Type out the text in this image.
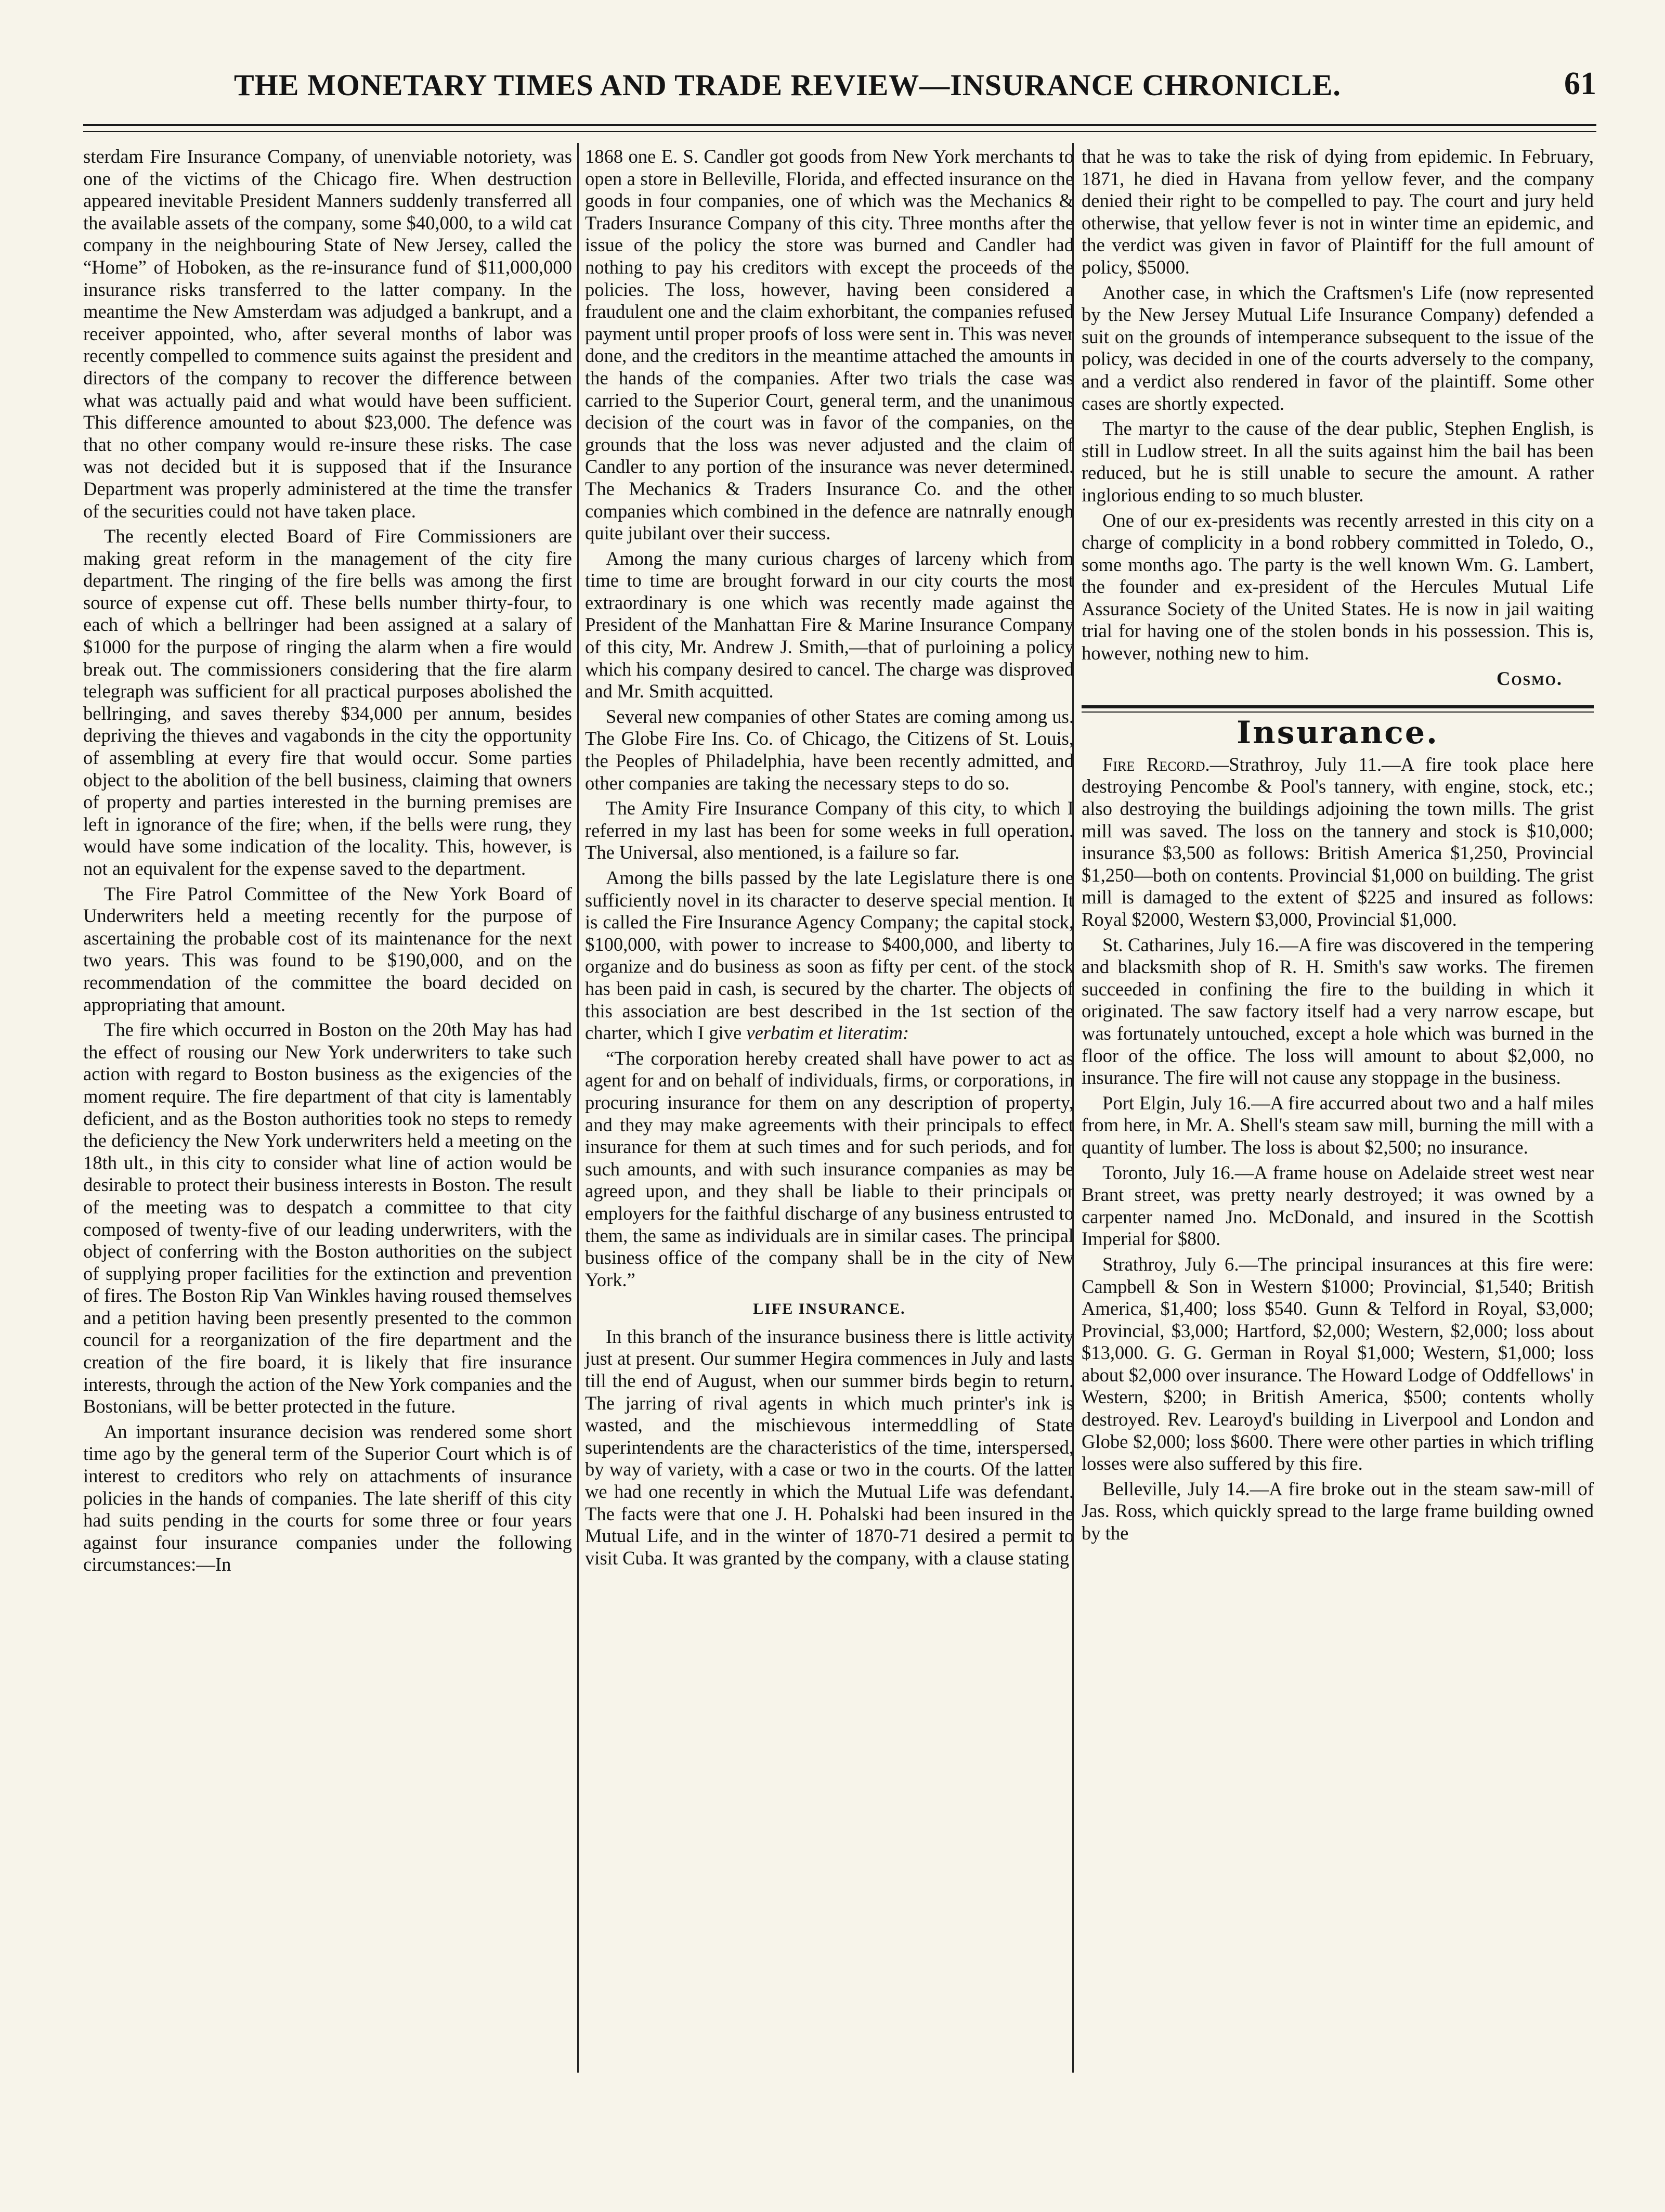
THE MONETARY TIMES AND TRADE REVIEW—INSURANCE CHRONICLE.	61

sterdam Fire Insurance Company, of unenviable notoriety, was one of the victims of the Chicago fire. When destruction appeared inevitable President Manners suddenly transferred all the available assets of the company, some $40,000, to a wild cat company in the neighbouring State of New Jersey, called the “Home” of Hoboken, as the re-insurance fund of $11,000,000 insurance risks transferred to the latter company. In the meantime the New Amsterdam was adjudged a bankrupt, and a receiver appointed, who, after several months of labor was recently compelled to commence suits against the president and directors of the company to recover the difference between what was actually paid and what would have been sufficient. This difference amounted to about $23,000. The defence was that no other company would re-insure these risks. The case was not decided but it is supposed that if the Insurance Department was properly administered at the time the transfer of the securities could not have taken place.

The recently elected Board of Fire Commissioners are making great reform in the management of the city fire department. The ringing of the fire bells was among the first source of expense cut off. These bells number thirty-four, to each of which a bellringer had been assigned at a salary of $1000 for the purpose of ringing the alarm when a fire would break out. The commissioners considering that the fire alarm telegraph was sufficient for all practical purposes abolished the bellringing, and saves thereby $34,000 per annum, besides depriving the thieves and vagabonds in the city the opportunity of assembling at every fire that would occur. Some parties object to the abolition of the bell business, claiming that owners of property and parties interested in the burning premises are left in ignorance of the fire; when, if the bells were rung, they would have some indication of the locality. This, however, is not an equivalent for the expense saved to the department.

The Fire Patrol Committee of the New York Board of Underwriters held a meeting recently for the purpose of ascertaining the probable cost of its maintenance for the next two years. This was found to be $190,000, and on the recommendation of the committee the board decided on appropriating that amount.

The fire which occurred in Boston on the 20th May has had the effect of rousing our New York underwriters to take such action with regard to Boston business as the exigencies of the moment require. The fire department of that city is lamentably deficient, and as the Boston authorities took no steps to remedy the deficiency the New York underwriters held a meeting on the 18th ult., in this city to consider what line of action would be desirable to protect their business interests in Boston. The result of the meeting was to despatch a committee to that city composed of twenty-five of our leading underwriters, with the object of conferring with the Boston authorities on the subject of supplying proper facilities for the extinction and prevention of fires. The Boston Rip Van Winkles having roused themselves and a petition having been presently presented to the common council for a reorganization of the fire department and the creation of the fire board, it is likely that fire insurance interests, through the action of the New York companies and the Bostonians, will be better protected in the future.

An important insurance decision was rendered some short time ago by the general term of the Superior Court which is of interest to creditors who rely on attachments of insurance policies in the hands of companies. The late sheriff of this city had suits pending in the courts for some three or four years against four insurance companies under the following circumstances:—In

1868 one E. S. Candler got goods from New York merchants to open a store in Belleville, Florida, and effected insurance on the goods in four companies, one of which was the Mechanics & Traders Insurance Company of this city. Three months after the issue of the policy the store was burned and Candler had nothing to pay his creditors with except the proceeds of the policies. The loss, however, having been considered a fraudulent one and the claim exhorbitant, the companies refused payment until proper proofs of loss were sent in. This was never done, and the creditors in the meantime attached the amounts in the hands of the companies. After two trials the case was carried to the Superior Court, general term, and the unanimous decision of the court was in favor of the companies, on the grounds that the loss was never adjusted and the claim of Candler to any portion of the insurance was never determined. The Mechanics & Traders Insurance Co. and the other companies which combined in the defence are natnrally enough quite jubilant over their success.

Among the many curious charges of larceny which from time to time are brought forward in our city courts the most extraordinary is one which was recently made against the President of the Manhattan Fire & Marine Insurance Company of this city, Mr. Andrew J. Smith,—that of purloining a policy which his company desired to cancel. The charge was disproved and Mr. Smith acquitted.

Several new companies of other States are coming among us. The Globe Fire Ins. Co. of Chicago, the Citizens of St. Louis, the Peoples of Philadelphia, have been recently admitted, and other companies are taking the necessary steps to do so.

The Amity Fire Insurance Company of this city, to which I referred in my last has been for some weeks in full operation. The Universal, also mentioned, is a failure so far.

Among the bills passed by the late Legislature there is one sufficiently novel in its character to deserve special mention. It is called the Fire Insurance Agency Company; the capital stock, $100,000, with power to increase to $400,000, and liberty to organize and do business as soon as fifty per cent. of the stock has been paid in cash, is secured by the charter. The objects of this association are best described in the 1st section of the charter, which I give verbatim et literatim:

“The corporation hereby created shall have power to act as agent for and on behalf of individuals, firms, or corporations, in procuring insurance for them on any description of property, and they may make agreements with their principals to effect insurance for them at such times and for such periods, and for such amounts, and with such insurance companies as may be agreed upon, and they shall be liable to their principals or employers for the faithful discharge of any business entrusted to them, the same as individuals are in similar cases. The principal business office of the company shall be in the city of New York.”

LIFE INSURANCE.

In this branch of the insurance business there is little activity just at present. Our summer Hegira commences in July and lasts till the end of August, when our summer birds begin to return. The jarring of rival agents in which much printer's ink is wasted, and the mischievous intermeddling of State superintendents are the characteristics of the time, interspersed, by way of variety, with a case or two in the courts. Of the latter we had one recently in which the Mutual Life was defendant. The facts were that one J. H. Pohalski had been insured in the Mutual Life, and in the winter of 1870-71 desired a permit to visit Cuba. It was granted by the company, with a clause stating

that he was to take the risk of dying from epidemic. In February, 1871, he died in Havana from yellow fever, and the company denied their right to be compelled to pay. The court and jury held otherwise, that yellow fever is not in winter time an epidemic, and the verdict was given in favor of Plaintiff for the full amount of policy, $5000.

Another case, in which the Craftsmen's Life (now represented by the New Jersey Mutual Life Insurance Company) defended a suit on the grounds of intemperance subsequent to the issue of the policy, was decided in one of the courts adversely to the company, and a verdict also rendered in favor of the plaintiff. Some other cases are shortly expected.

The martyr to the cause of the dear public, Stephen English, is still in Ludlow street. In all the suits against him the bail has been reduced, but he is still unable to secure the amount. A rather inglorious ending to so much bluster.

One of our ex-presidents was recently arrested in this city on a charge of complicity in a bond robbery committed in Toledo, O., some months ago. The party is the well known Wm. G. Lambert, the founder and ex-president of the Hercules Mutual Life Assurance Society of the United States. He is now in jail waiting trial for having one of the stolen bonds in his possession. This is, however, nothing new to him.

Cosmo.
Insurance.

Fire Record.—Strathroy, July 11.—A fire took place here destroying Pencombe & Pool's tannery, with engine, stock, etc.; also destroying the buildings adjoining the town mills. The grist mill was saved. The loss on the tannery and stock is $10,000; insurance $3,500 as follows: British America $1,250, Provincial $1,250—both on contents. Provincial $1,000 on building. The grist mill is damaged to the extent of $225 and insured as follows: Royal $2000, Western $3,000, Provincial $1,000.

St. Catharines, July 16.—A fire was discovered in the tempering and blacksmith shop of R. H. Smith's saw works. The firemen succeeded in confining the fire to the building in which it originated. The saw factory itself had a very narrow escape, but was fortunately untouched, except a hole which was burned in the floor of the office. The loss will amount to about $2,000, no insurance. The fire will not cause any stoppage in the business.

Port Elgin, July 16.—A fire accurred about two and a half miles from here, in Mr. A. Shell's steam saw mill, burning the mill with a quantity of lumber. The loss is about $2,500; no insurance.

Toronto, July 16.—A frame house on Adelaide street west near Brant street, was pretty nearly destroyed; it was owned by a carpenter named Jno. McDonald, and insured in the Scottish Imperial for $800.

Strathroy, July 6.—The principal insurances at this fire were: Campbell & Son in Western $1000; Provincial, $1,540; British America, $1,400; loss $540. Gunn & Telford in Royal, $3,000; Provincial, $3,000; Hartford, $2,000; Western, $2,000; loss about $13,000. G. G. German in Royal $1,000; Western, $1,000; loss about $2,000 over insurance. The Howard Lodge of Oddfellows' in Western, $200; in British America, $500; contents wholly destroyed. Rev. Learoyd's building in Liverpool and London and Globe $2,000; loss $600. There were other parties in which trifling losses were also suffered by this fire.

Belleville, July 14.—A fire broke out in the steam saw-mill of Jas. Ross, which quickly spread to the large frame building owned by the
